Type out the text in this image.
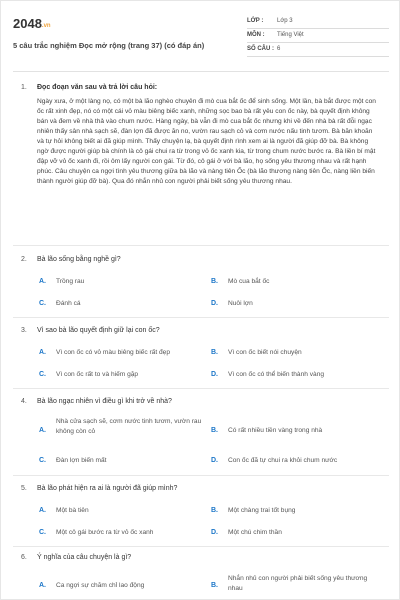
2048.vn
5 câu trắc nghiệm Đọc mở rộng (trang 37) (có đáp án)
LỚP :	Lớp 3
MÔN :	Tiếng Việt
SỐ CÂU : 6
1. Đọc đoạn văn sau và trả lời câu hỏi:
Ngày xưa, ở một làng nọ, có một bà lão nghèo chuyên đi mò cua bắt ốc để sinh sống. Một lần, bà bắt được một con ốc rất xinh đẹp, nó có một cái vỏ màu biêng biếc xanh, những sọc bao bà rất yêu con ốc này, bà quyết định không bán và đem về nhà thả vào chum nước. Hàng ngày, bà vẫn đi mò cua bắt ốc nhưng khi về đến nhà bà rất đỗi ngạc nhiên thấy sân nhà sạch sẽ, đàn lợn đã được ăn no, vườn rau sạch cỏ và cơm nước nấu tinh tươm. Bà băn khoăn và tự hỏi không biết ai đã giúp mình. Thấy chuyện lạ, bà quyết định rình xem ai là người đã giúp đỡ bà. Bà không ngờ được người giúp bà chính là cô gái chui ra từ trong vỏ ốc xanh kia, từ trong chum nước bước ra. Bà liền bí mật đập vỡ vỏ ốc xanh đi, rồi ôm lấy người con gái. Từ đó, cô gái ở với bà lão, họ sống yêu thương nhau và rất hạnh phúc. Câu chuyện ca ngợi tình yêu thương giữa bà lão và nàng tiên Ốc (bà lão thương nàng tiên Ốc, nàng liền biến thành người giúp đỡ bà). Qua đó nhắn nhủ con người phải biết sống yêu thương nhau.
2. Bà lão sống bằng nghề gì?
A. Trồng rau	B. Mò cua bắt ốc
C. Đánh cá	D. Nuôi lợn
3. Vì sao bà lão quyết định giữ lại con ốc?
A. Vì con ốc có vỏ màu biêng biếc rất đẹp	B. Vì con ốc biết nói chuyện
C. Vì con ốc rất to và hiếm gặp	D. Vì con ốc có thể biến thành vàng
4. Bà lão ngạc nhiên vì điều gì khi trở về nhà?
A.
Nhà cửa sạch sẽ, cơm nước tinh tươm, vườn rau không còn cỏ	B. Có rất nhiều tiền vàng trong nhà
C. Đàn lợn biến mất	D. Con ốc đã tự chui ra khỏi chum nước
5. Bà lão phát hiện ra ai là người đã giúp mình?
A. Một bà tiên	B. Một chàng trai tốt bụng
C. Một cô gái bước ra từ vỏ ốc xanh	D. Một chú chim thần
6. Ý nghĩa của câu chuyện là gì?
A. Ca ngợi sự chăm chỉ lao động	B.
Nhắn nhủ con người phải biết sống yêu thương nhau
